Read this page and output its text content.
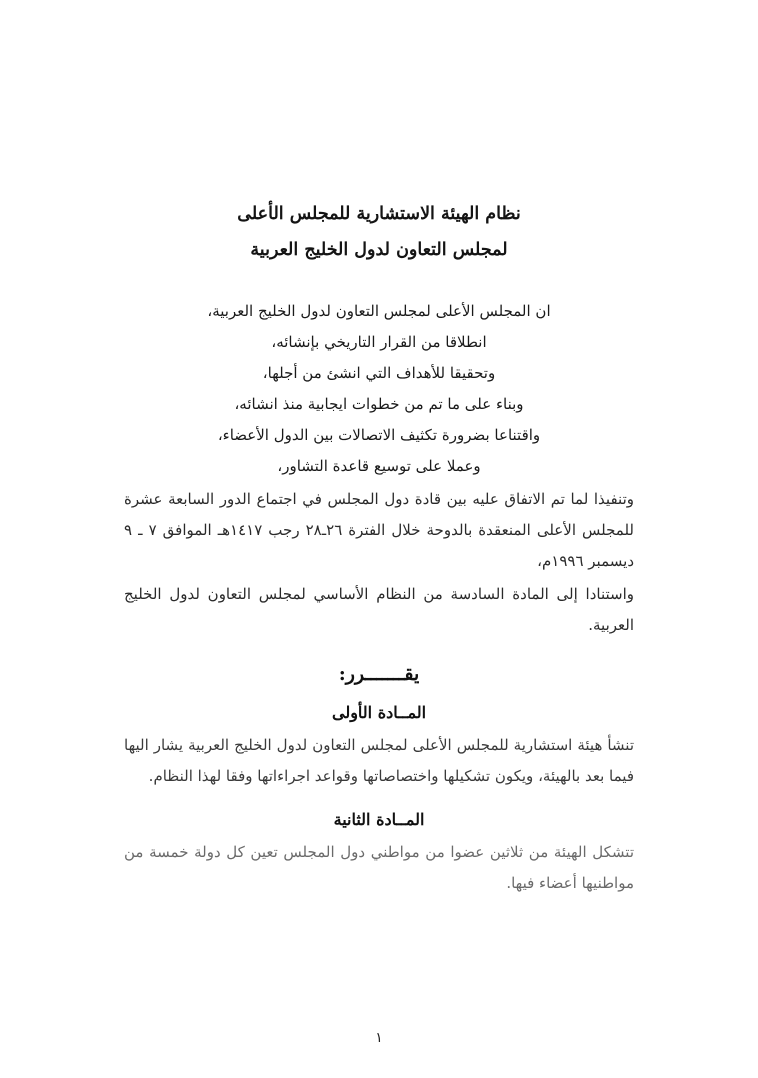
نظام الهيئة الاستشارية للمجلس الأعلى
لمجلس التعاون لدول الخليج العربية
ان المجلس الأعلى لمجلس التعاون لدول الخليج العربية،
انطلاقا من القرار التاريخي بإنشائه،
وتحقيقا للأهداف التي انشئ من أجلها،
وبناء على ما تم من خطوات ايجابية منذ انشائه،
واقتناعا بضرورة تكثيف الاتصالات بين الدول الأعضاء،
وعملا على توسيع قاعدة التشاور،

وتنفيذا لما تم الاتفاق عليه بين قادة دول المجلس في اجتماع الدور السابعة عشرة للمجلس الأعلى المنعقدة بالدوحة خلال الفترة ٢٦ـ٢٨ رجب ١٤١٧هـ الموافق ٧ ـ ٩ ديسمبر ١٩٩٦م،

واستنادا إلى المادة السادسة من النظام الأساسي لمجلس التعاون لدول الخليج العربية.

يقـــــــرر:
المــادة الأولى
تنشأ هيئة استشارية للمجلس الأعلى لمجلس التعاون لدول الخليج العربية يشار اليها فيما بعد بالهيئة، ويكون تشكيلها واختصاصاتها وقواعد اجراءاتها وفقا لهذا النظام.
المــادة الثانية
تتشكل الهيئة من ثلاثين عضوا من مواطني دول المجلس تعين كل دولة خمسة من مواطنيها أعضاء فيها.
١
